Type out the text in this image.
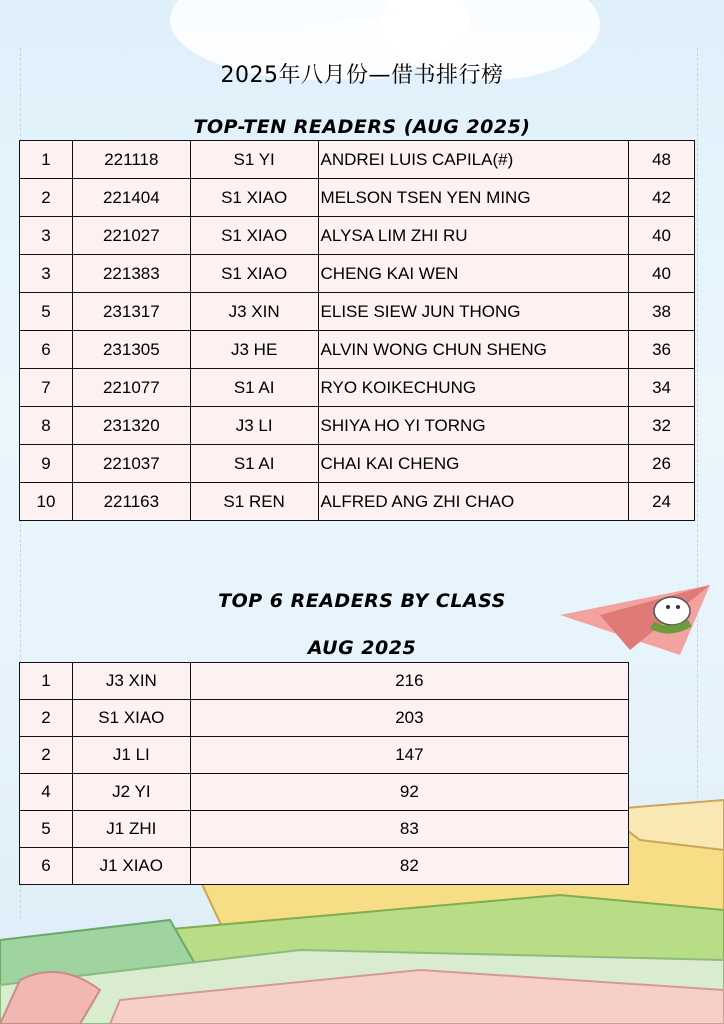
2025年八月份—借书排行榜
TOP-TEN READERS (AUG 2025)
1	221118	S1 YI	ANDREI LUIS CAPILA(#)	48
2	221404	S1 XIAO	MELSON TSEN YEN MING	42
3	221027	S1 XIAO	ALYSA LIM ZHI RU	40
3	221383	S1 XIAO	CHENG KAI WEN	40
5	231317	J3 XIN	ELISE SIEW JUN THONG	38
6	231305	J3 HE	ALVIN WONG CHUN SHENG	36
7	221077	S1 AI	RYO KOIKECHUNG	34
8	231320	J3 LI	SHIYA HO YI TORNG	32
9	221037	S1 AI	CHAI KAI CHENG	26
10	221163	S1 REN	ALFRED ANG ZHI CHAO	24
TOP 6 READERS BY CLASS
AUG 2025
1	J3 XIN	216
2	S1 XIAO	203
2	J1 LI	147
4	J2 YI	92
5	J1 ZHI	83
6	J1 XIAO	82
